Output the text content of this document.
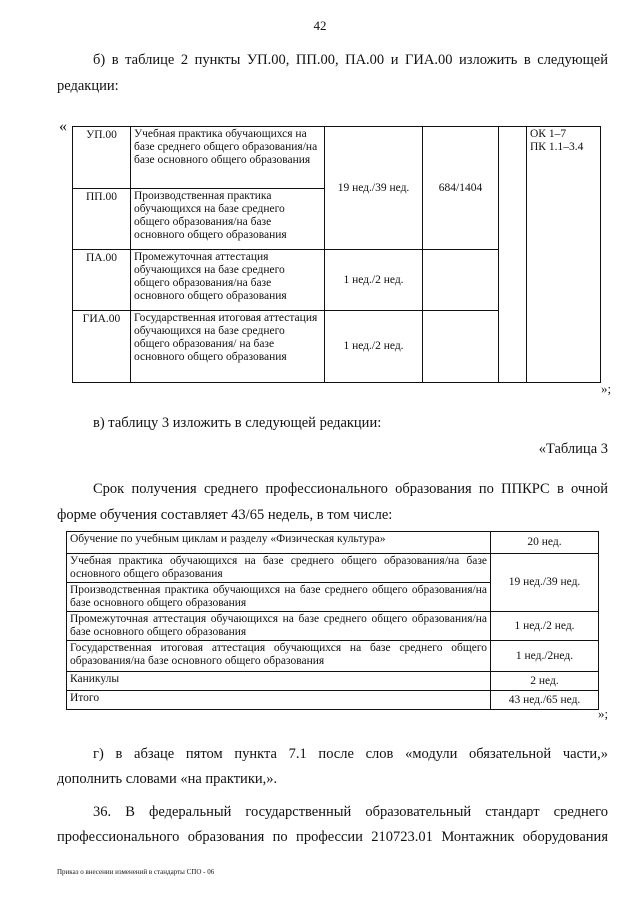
42
б) в таблице 2 пункты УП.00, ПП.00, ПА.00 и ГИА.00 изложить в следующей
редакции:
« УП.00	Учебная практика обучающихся на базе среднего общего образования/на базе основного общего образования	19 нед./39 нед.	684/1404		ОК 1–7
ПК 1.1–3.4

ПП.00	Производственная практика обучающихся на базе среднего общего образования/на базе основного общего образования				
ПА.00	Промежуточная аттестация обучающихся на базе среднего общего образования/на базе основного общего образования	1 нед./2 нед.			
ГИА.00	Государственная итоговая аттестация обучающихся на базе среднего общего образования/ на базе основного общего образования	1 нед./2 нед.			
»;
в) таблицу 3 изложить в следующей редакции:
«Таблица 3
Срок получения среднего профессионального образования по ППКРС в очной
форме обучения составляет 43/65 недель, в том числе:
Обучение по учебным циклам и разделу «Физическая культура»	20 нед.
Учебная практика обучающихся на базе среднего общего образования/на базе основного общего образования	19 нед./39 нед.
Производственная практика обучающихся на базе среднего общего образования/на базе основного общего образования	
Промежуточная аттестация обучающихся на базе среднего общего образования/на базе основного общего образования	1 нед./2 нед.
Государственная итоговая аттестация обучающихся на базе среднего общего образования/на базе основного общего образования	1 нед./2нед.
Каникулы	2 нед.
Итого	43 нед./65 нед.
»;
г) в абзаце пятом пункта 7.1 после слов «модули обязательной части,»
дополнить словами «на практики,».
36. В федеральный государственный образовательный стандарт среднего
профессионального образования по профессии 210723.01 Монтажник оборудования
Приказ о внесении изменений в стандарты СПО - 06
